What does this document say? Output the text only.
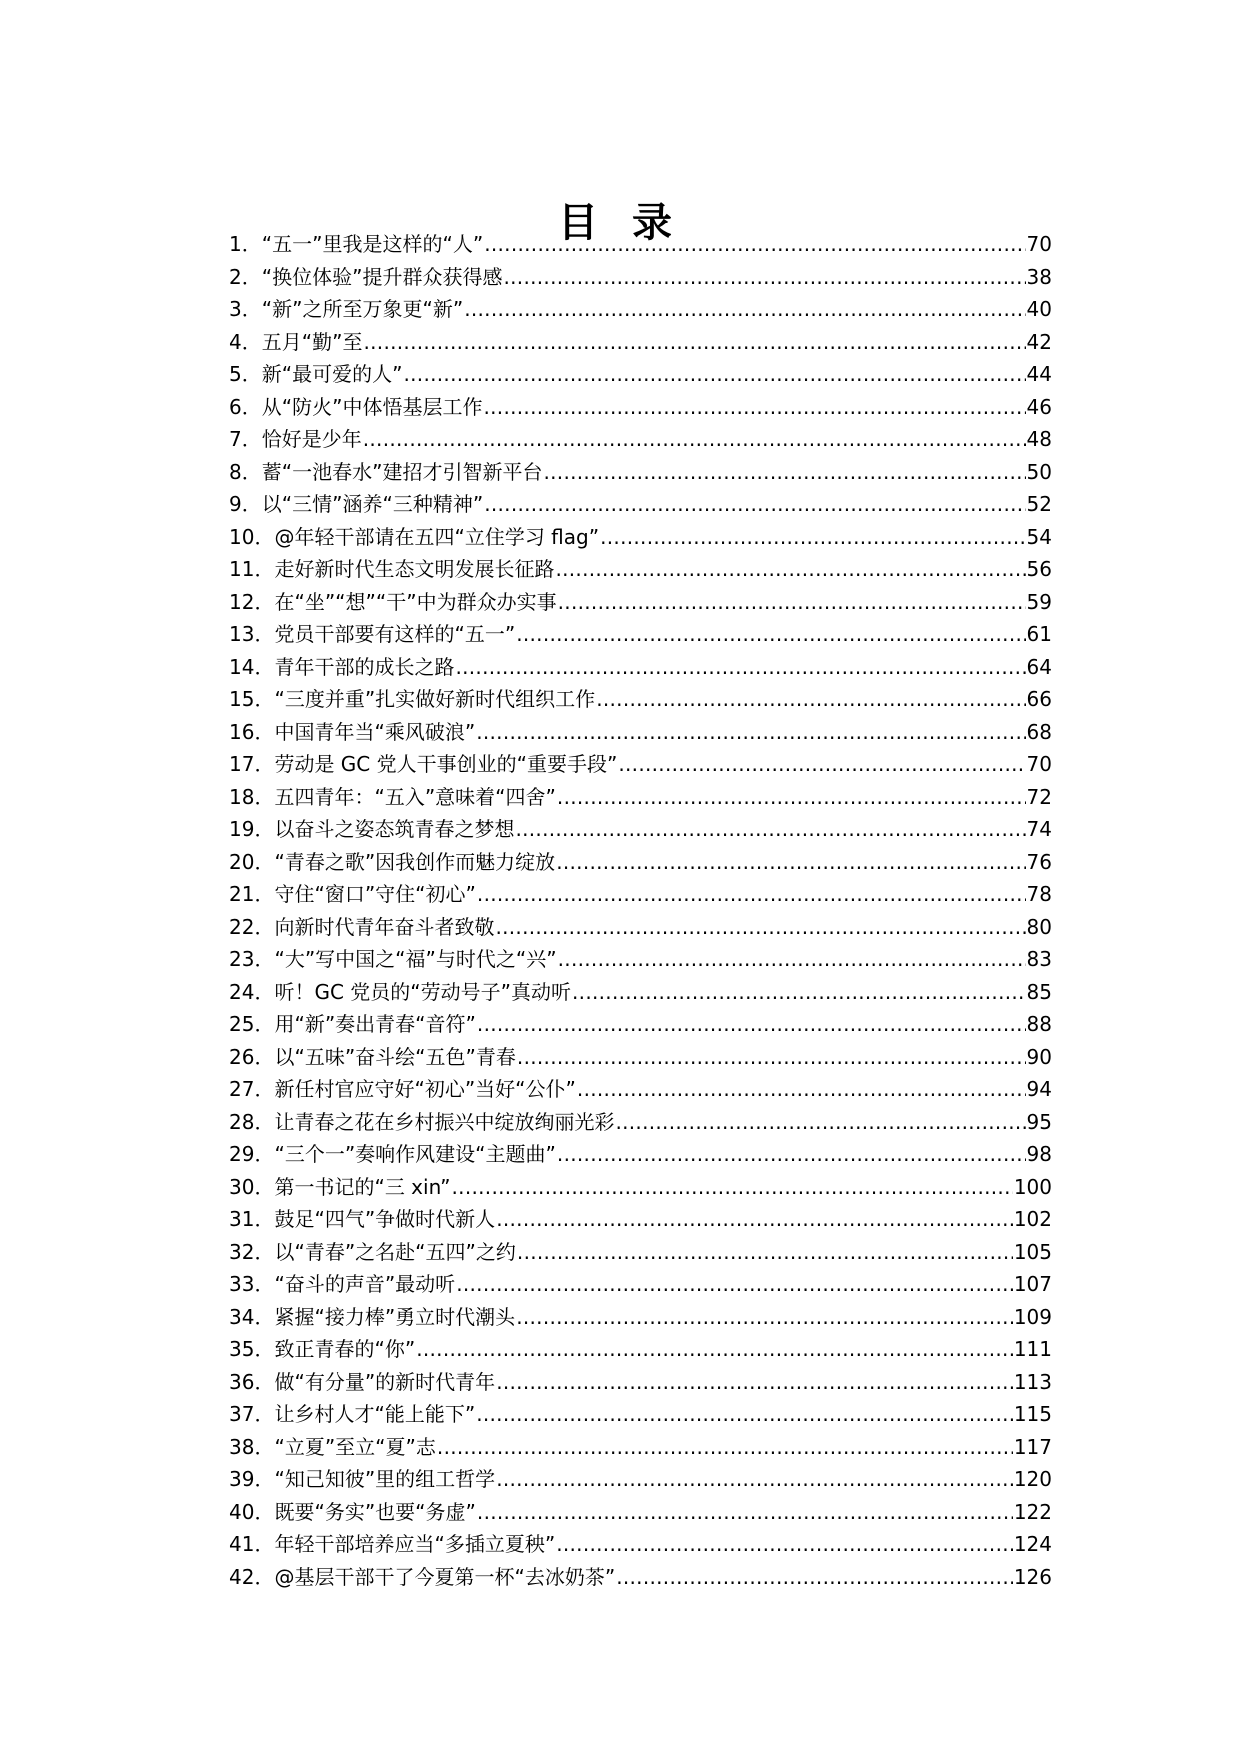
目 录
1． “五一”里我是这样的“人” .....	70
2． “换位体验”提升群众获得感 .....	38
3． “新”之所至万象更“新” .....	40
4． 五月“勤”至 .....	42
5． 新“最可爱的人” .....	44
6． 从“防火”中体悟基层工作 .....	46
7． 恰好是少年 .....	48
8． 蓄“一池春水”建招才引智新平台 .....	50
9． 以“三情”涵养“三种精神” .....	52
10． @年轻干部请在五四“立住学习 flag” .....	54
11． 走好新时代生态文明发展长征路 .....	56
12． 在“坐”“想”“干”中为群众办实事 .....	59
13． 党员干部要有这样的“五一” .....	61
14． 青年干部的成长之路 .....	64
15． “三度并重”扎实做好新时代组织工作 .....	66
16． 中国青年当“乘风破浪” .....	68
17． 劳动是 GC 党人干事创业的“重要手段” .....	70
18． 五四青年：“五入”意味着“四舍” .....	72
19． 以奋斗之姿态筑青春之梦想 .....	74
20． “青春之歌”因我创作而魅力绽放 .....	76
21． 守住“窗口”守住“初心” .....	78
22． 向新时代青年奋斗者致敬 .....	80
23． “大”写中国之“福”与时代之“兴” .....	83
24． 听！GC 党员的“劳动号子”真动听 .....	85
25． 用“新”奏出青春“音符” .....	88
26． 以“五味”奋斗绘“五色”青春 .....	90
27． 新任村官应守好“初心”当好“公仆” .....	94
28． 让青春之花在乡村振兴中绽放绚丽光彩 .....	95
29． “三个一”奏响作风建设“主题曲” .....	98
30． 第一书记的“三 xin” .....	100
31． 鼓足“四气”争做时代新人 .....	102
32． 以“青春”之名赴“五四”之约 .....	105
33． “奋斗的声音”最动听 .....	107
34． 紧握“接力棒”勇立时代潮头 .....	109
35． 致正青春的“你” .....	111
36． 做“有分量”的新时代青年 .....	113
37． 让乡村人才“能上能下” .....	115
38． “立夏”至立“夏”志 .....	117
39． “知己知彼”里的组工哲学 .....	120
40． 既要“务实”也要“务虚” .....	122
41． 年轻干部培养应当“多插立夏秧” .....	124
42． @基层干部干了今夏第一杯“去冰奶茶” .....	126
